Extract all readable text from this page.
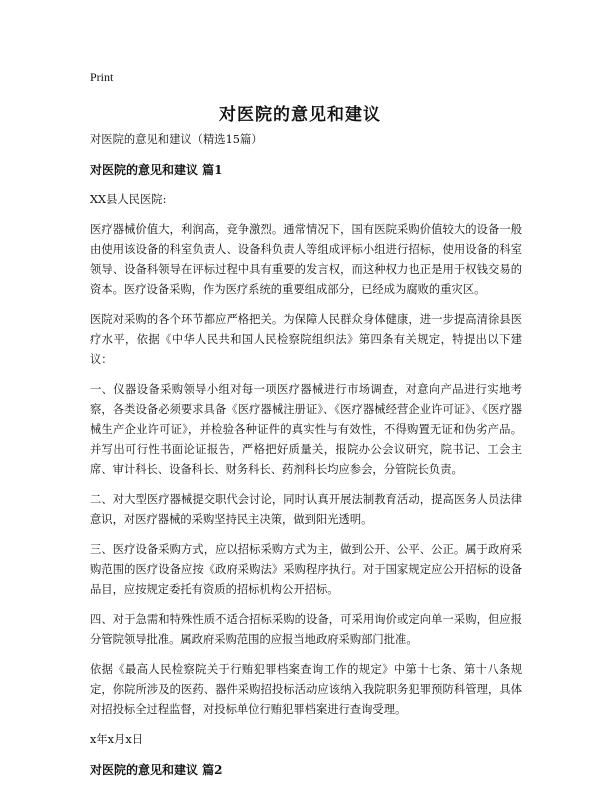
Print
对医院的意见和建议

对医院的意见和建议（精选15篇）

对医院的意见和建议 篇1

XX县人民医院:

医疗器械价值大，利润高，竞争激烈。通常情况下，国有医院采购价值较大的设备一般由使用该设备的科室负责人、设备科负责人等组成评标小组进行招标，使用设备的科室领导、设备科领导在评标过程中具有重要的发言权，而这种权力也正是用于权钱交易的资本。医疗设备采购，作为医疗系统的重要组成部分，已经成为腐败的重灾区。

医院对采购的各个环节都应严格把关。为保障人民群众身体健康，进一步提高清徐县医疗水平，依据《中华人民共和国人民检察院组织法》第四条有关规定，特提出以下建议：

一、仪器设备采购领导小组对每一项医疗器械进行市场调查，对意向产品进行实地考察，各类设备必须要求具备《医疗器械注册证》、《医疗器械经营企业许可证》、《医疗器械生产企业许可证》，并检验各种证件的真实性与有效性，不得购置无证和伪劣产品。并写出可行性书面论证报告，严格把好质量关，报院办公会议研究，院书记、工会主席、审计科长、设备科长、财务科长、药剂科长均应参会，分管院长负责。

二、对大型医疗器械提交职代会讨论，同时认真开展法制教育活动，提高医务人员法律意识，对医疗器械的采购坚持民主决策，做到阳光透明。

三、医疗设备采购方式，应以招标采购方式为主，做到公开、公平、公正。属于政府采购范围的医疗设备应按《政府采购法》采购程序执行。对于国家规定应公开招标的设备品目，应按规定委托有资质的招标机构公开招标。

四、对于急需和特殊性质不适合招标采购的设备，可采用询价或定向单一采购，但应报分管院领导批准。属政府采购范围的应报当地政府采购部门批准。

依据《最高人民检察院关于行贿犯罪档案查询工作的规定》中第十七条、第十八条规定，你院所涉及的医药、器件采购招投标活动应该纳入我院职务犯罪预防科管理，具体对招投标全过程监督，对投标单位行贿犯罪档案进行查询受理。

x年x月x日

对医院的意见和建议 篇2
